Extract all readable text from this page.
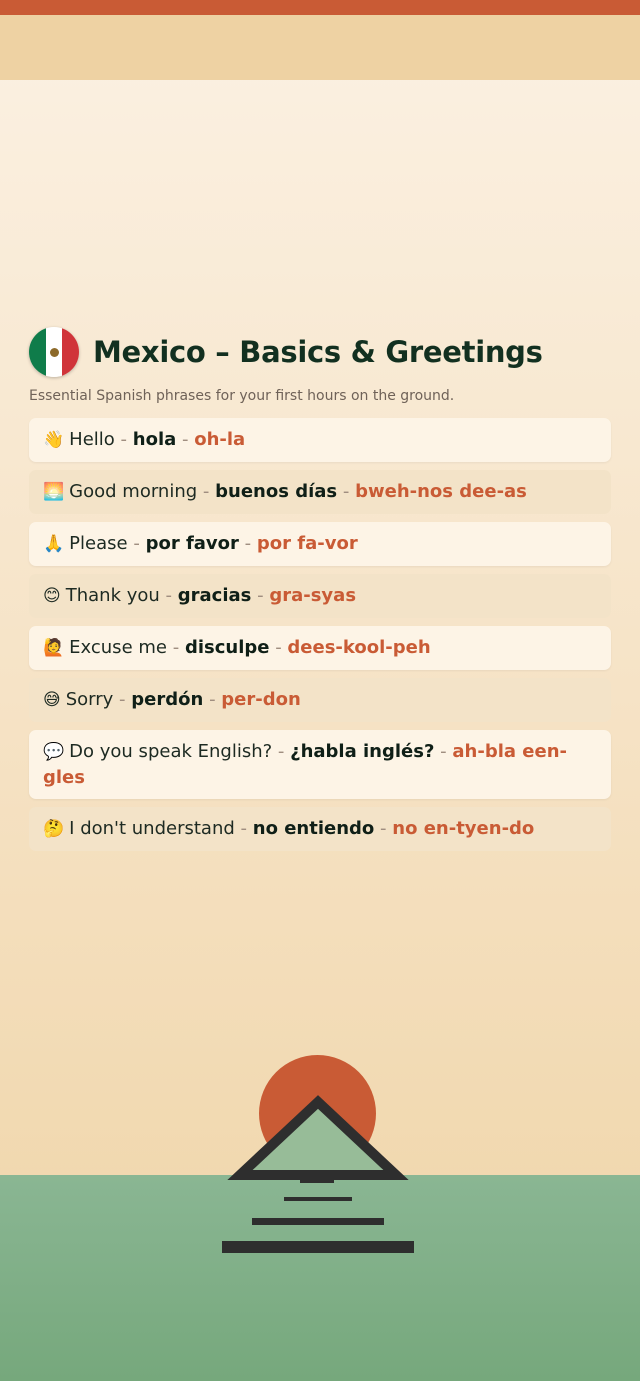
Mexico – Basics & Greetings
Essential Spanish phrases for your first hours on the ground.
👋 Hello - hola - oh-la
🌅 Good morning - buenos días - bweh-nos dee-as
🙏 Please - por favor - por fa-vor
😊 Thank you - gracias - gra-syas
🙋 Excuse me - disculpe - dees-kool-peh
😅 Sorry - perdón - per-don
💬 Do you speak English? - ¿habla inglés? - ah-bla een-gles
🤔 I don't understand - no entiendo - no en-tyen-do
